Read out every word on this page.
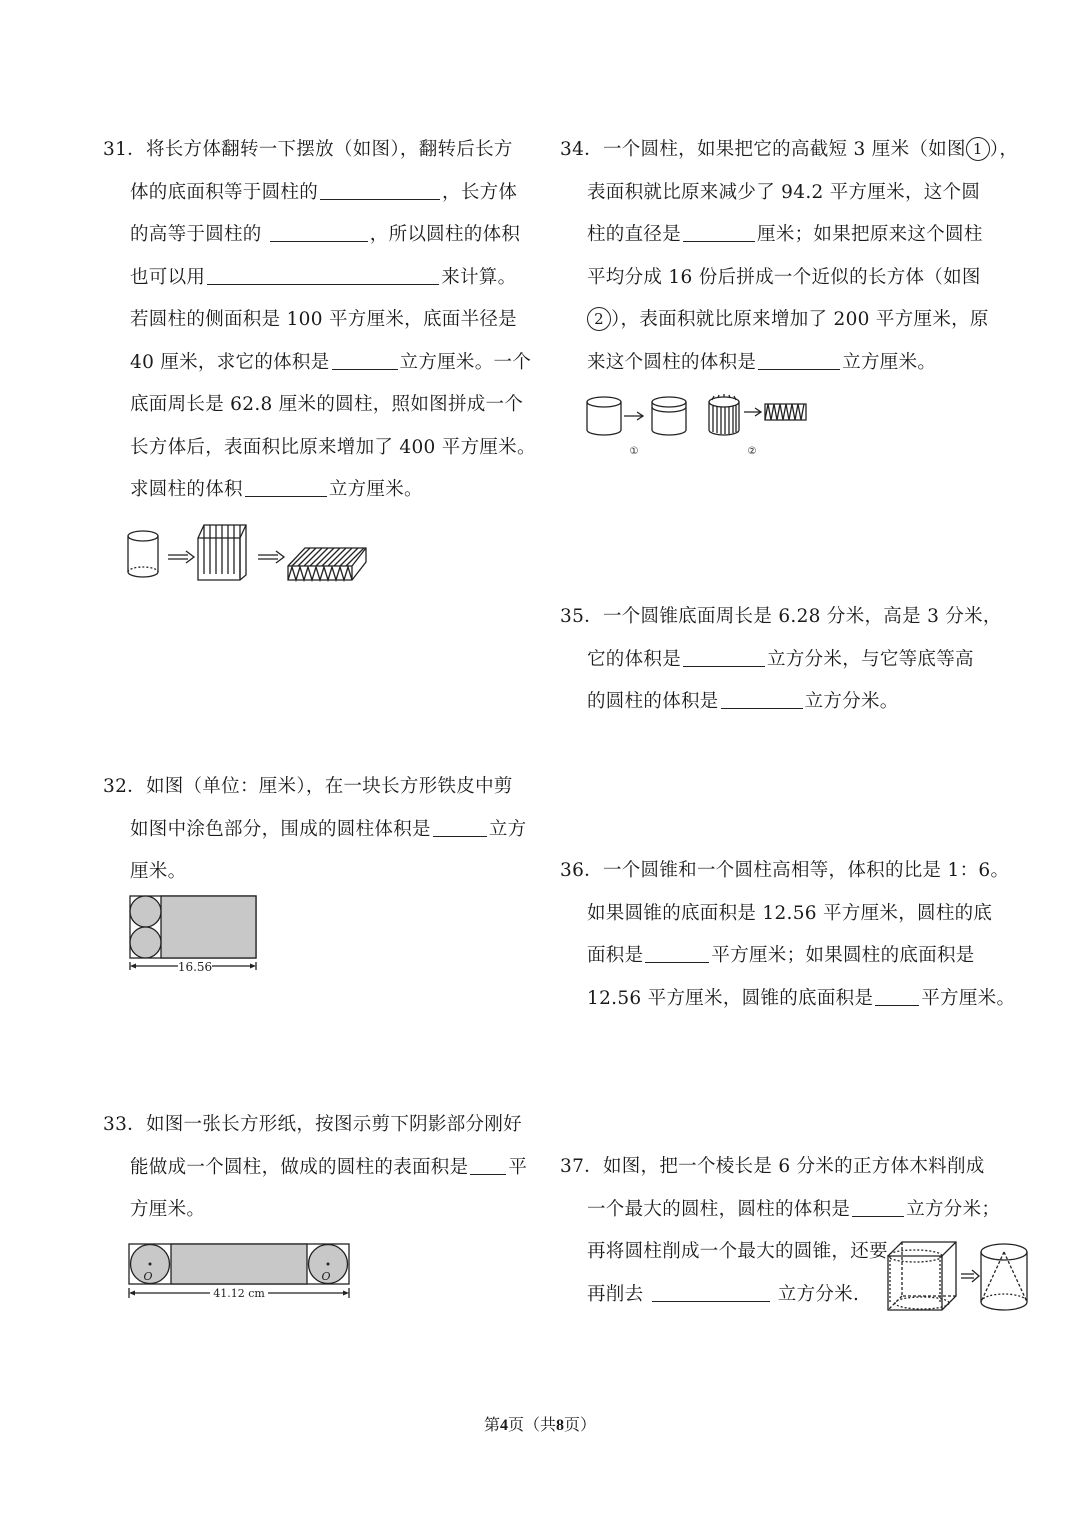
31．将长方体翻转一下摆放（如图），翻转后长方
体的底面积等于圆柱的	，长方体
的高等于圆柱的	，所以圆柱的体积
也可以用	来计算。
若圆柱的侧面积是 100 平方厘米，底面半径是
40 厘米，求它的体积是	立方厘米。一个
底面周长是 62.8 厘米的圆柱，照如图拼成一个
长方体后，表面积比原来增加了 400 平方厘米。
求圆柱的体积	立方厘米。
32．如图（单位：厘米），在一块长方形铁皮中剪
如图中涂色部分，围成的圆柱体积是	立方
厘米。
16.56
33．如图一张长方形纸，按图示剪下阴影部分刚好
能做成一个圆柱，做成的圆柱的表面积是 平
方厘米。
O	O
41.12 cm
34．一个圆柱，如果把它的高截短 3 厘米（如图 1 ），
表面积就比原来减少了 94.2 平方厘米，这个圆
柱的直径是	厘米；如果把原来这个圆柱
平均分成 16 份后拼成一个近似的长方体（如图
2 ），表面积就比原来增加了 200 平方厘米，原
来这个圆柱的体积是	立方厘米。
①	②
35．一个圆锥底面周长是 6.28 分米，高是 3 分米，
它的体积是	立方分米，与它等底等高
的圆柱的体积是	立方分米。
36．一个圆锥和一个圆柱高相等，体积的比是 1：6。
如果圆锥的底面积是 12.56 平方厘米，圆柱的底
面积是	平方厘米；如果圆柱的底面积是
12.56 平方厘米，圆锥的底面积是	平方厘米。
37．如图，把一个棱长是 6 分米的正方体木料削成
一个最大的圆柱，圆柱的体积是	立方分米；
再将圆柱削成一个最大的圆锥，还要
再削去	立方分米.
第4页（共8页）
